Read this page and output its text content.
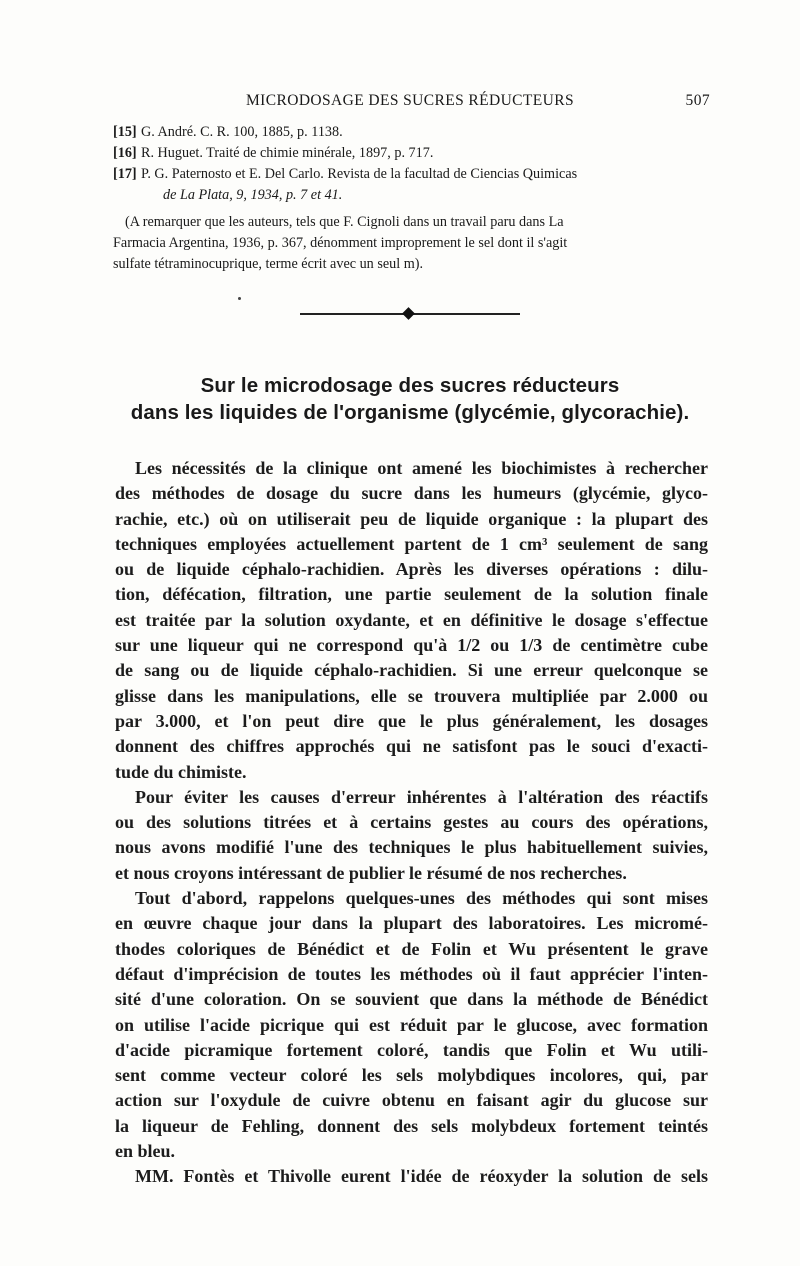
MICRODOSAGE DES SUCRES RÉDUCTEURS	507
[15] G. André. C. R. 100, 1885, p. 1138.
[16] R. Huguet. Traité de chimie minérale, 1897, p. 717.
[17] P. G. Paternosto et E. Del Carlo. Revista de la facultad de Ciencias Quimicas
de La Plata, 9, 1934, p. 7 et 41.

(A remarquer que les auteurs, tels que F. Cignoli dans un travail paru dans La

Farmacia Argentina, 1936, p. 367, dénomment improprement le sel dont il s'agit

sulfate tétraminocuprique, terme écrit avec un seul m).

Sur le microdosage des sucres réducteurs
dans les liquides de l'organisme (glycémie, glycorachie).
Les nécessités de la clinique ont amené les biochimistes à rechercher
des méthodes de dosage du sucre dans les humeurs (glycémie, glyco-
rachie, etc.) où on utiliserait peu de liquide organique : la plupart des
techniques employées actuellement partent de 1 cm³ seulement de sang
ou de liquide céphalo-rachidien. Après les diverses opérations : dilu-
tion, défécation, filtration, une partie seulement de la solution finale
est traitée par la solution oxydante, et en définitive le dosage s'effectue
sur une liqueur qui ne correspond qu'à 1/2 ou 1/3 de centimètre cube
de sang ou de liquide céphalo-rachidien. Si une erreur quelconque se
glisse dans les manipulations, elle se trouvera multipliée par 2.000 ou
par 3.000, et l'on peut dire que le plus généralement, les dosages
donnent des chiffres approchés qui ne satisfont pas le souci d'exacti-
tude du chimiste.
Pour éviter les causes d'erreur inhérentes à l'altération des réactifs
ou des solutions titrées et à certains gestes au cours des opérations,
nous avons modifié l'une des techniques le plus habituellement suivies,
et nous croyons intéressant de publier le résumé de nos recherches.
Tout d'abord, rappelons quelques-unes des méthodes qui sont mises
en œuvre chaque jour dans la plupart des laboratoires. Les micromé-
thodes coloriques de Bénédict et de Folin et Wu présentent le grave
défaut d'imprécision de toutes les méthodes où il faut apprécier l'inten-
sité d'une coloration. On se souvient que dans la méthode de Bénédict
on utilise l'acide picrique qui est réduit par le glucose, avec formation
d'acide picramique fortement coloré, tandis que Folin et Wu utili-
sent comme vecteur coloré les sels molybdiques incolores, qui, par
action sur l'oxydule de cuivre obtenu en faisant agir du glucose sur
la liqueur de Fehling, donnent des sels molybdeux fortement teintés
en bleu.
MM. Fontès et Thivolle eurent l'idée de réoxyder la solution de sels
